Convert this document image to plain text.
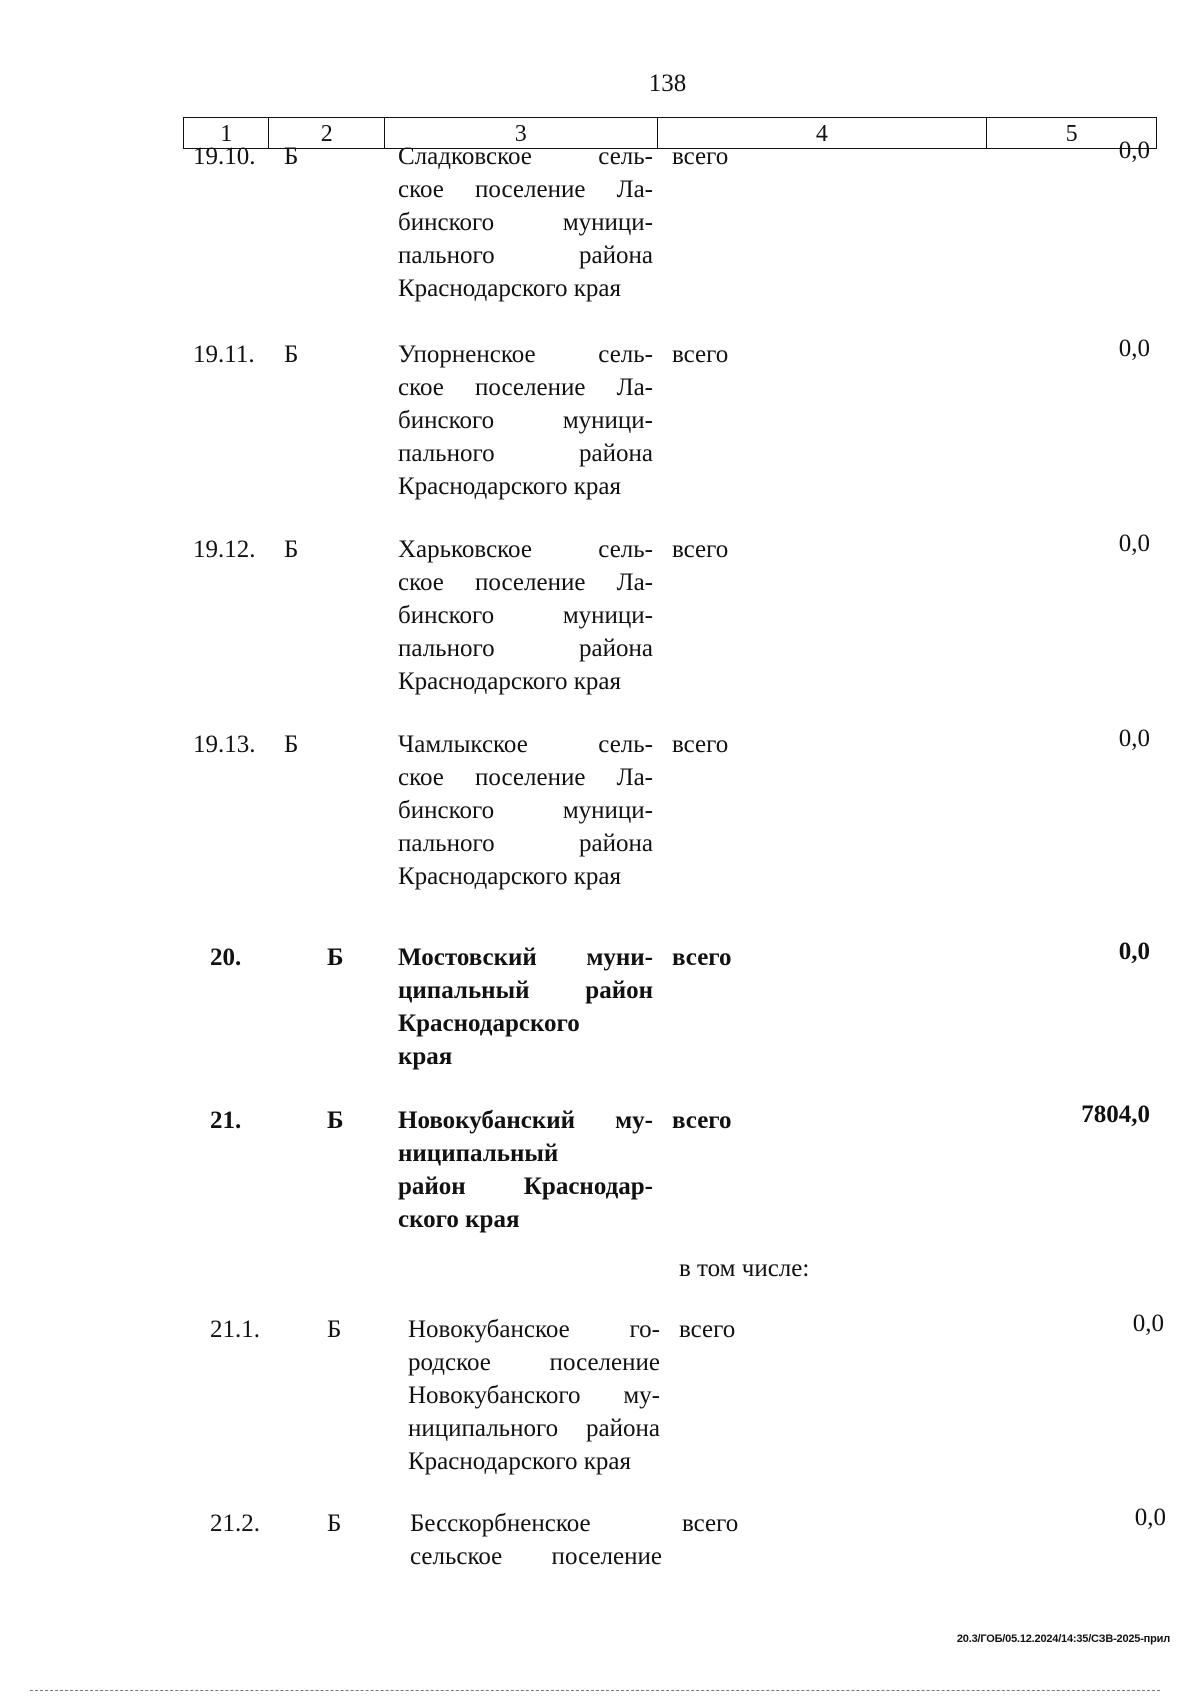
138
1	2	3	4	5
19.10.	Б	Сладковское сель-
ское поселение Ла-
бинского муници-
пального района
Краснодарского края
всего	0,0
19.11.	Б	Упорненское сель-
ское поселение Ла-
бинского муници-
пального района
Краснодарского края
всего	0,0
19.12.	Б	Харьковское сель-
ское поселение Ла-
бинского муници-
пального района
Краснодарского края
всего	0,0
19.13.	Б	Чамлыкское сель-
ское поселение Ла-
бинского муници-
пального района
Краснодарского края
всего	0,0
20.	Б	Мостовский муни-
ципальный район
Краснодарского
края
всего	0,0
21.	Б	Новокубанский му-
ниципальный
район Краснодар-
ского края
всего	7804,0
в том числе:
21.1.	Б	Новокубанское го-
родское поселение
Новокубанского му-
ниципального района
Краснодарского края
всего	0,0
21.2.	Б	Бесскорбненское
сельское поселение
всего	0,0
20.3/ГОБ/05.12.2024/14:35/СЗВ-2025-прил
